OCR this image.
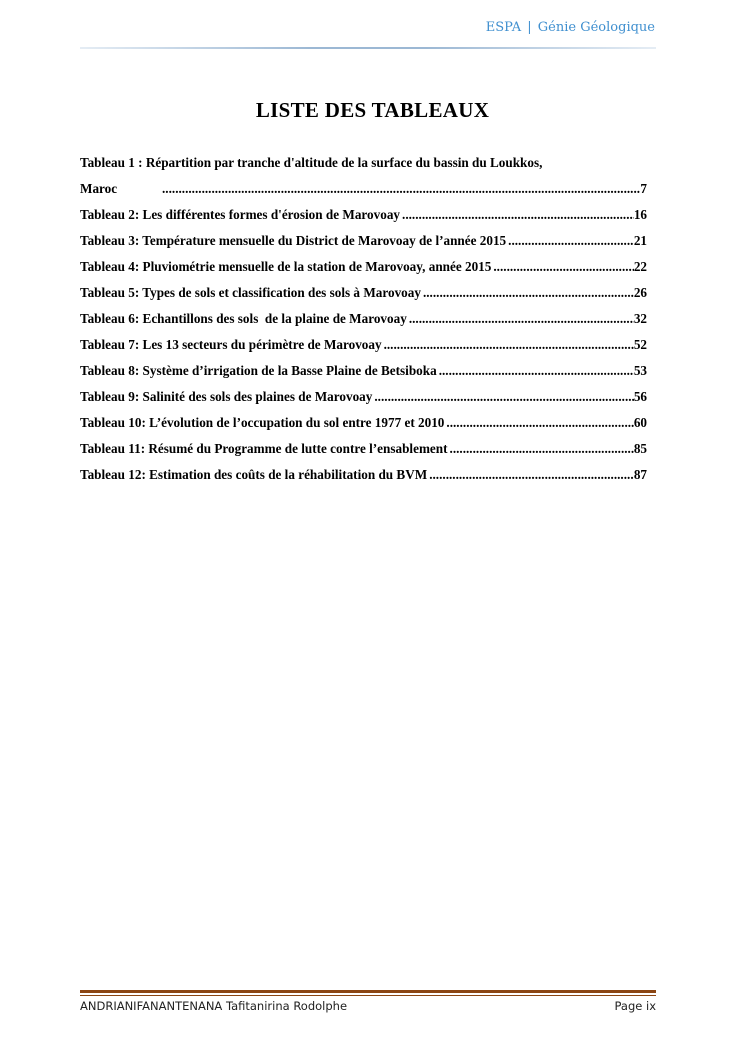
ESPA | Génie Géologique
LISTE DES TABLEAUX
Tableau 1 : Répartition par tranche d'altitude de la surface du bassin du Loukkos,
Maroc .....	7
Tableau 2: Les différentes formes d'érosion de Marovoay .....	16
Tableau 3: Température mensuelle du District de Marovoay de l’année 2015 .....	21
Tableau 4: Pluviométrie mensuelle de la station de Marovoay, année 2015 .....	22
Tableau 5: Types de sols et classification des sols à Marovoay .....	26
Tableau 6: Echantillons des sols  de la plaine de Marovoay .....	32
Tableau 7: Les 13 secteurs du périmètre de Marovoay .....	52
Tableau 8: Système d’irrigation de la Basse Plaine de Betsiboka .....	53
Tableau 9: Salinité des sols des plaines de Marovoay .....	56
Tableau 10: L’évolution de l’occupation du sol entre 1977 et 2010 .....	60
Tableau 11: Résumé du Programme de lutte contre l’ensablement .....	85
Tableau 12: Estimation des coûts de la réhabilitation du BVM .....	87
ANDRIANIFANANTENANA Tafitanirina Rodolphe	Page ix
